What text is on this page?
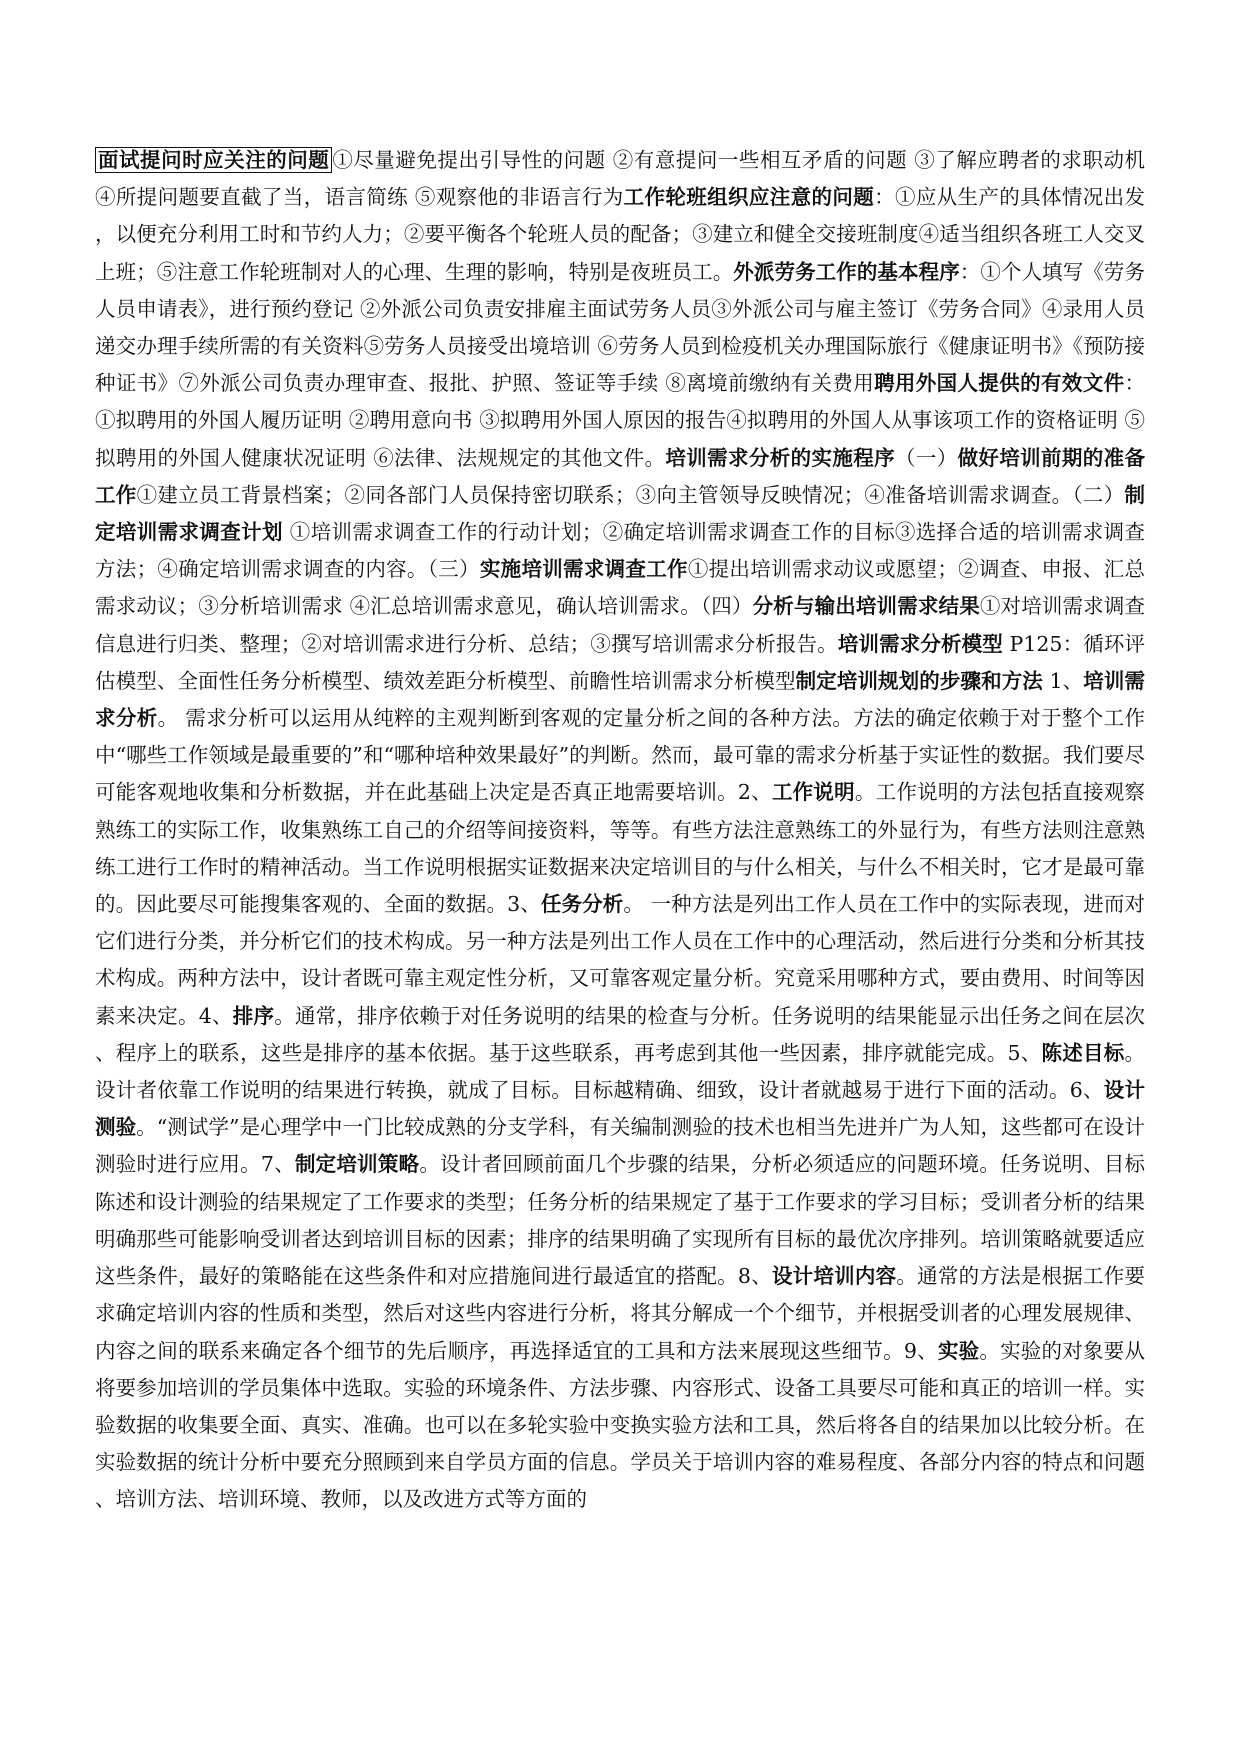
面试提问时应关注的问题 ①尽量避免提出引导性的问题 ②有意提问一些相互矛盾的问题 ③了解应聘者的求职动机 ④所提问题要直截了当，语言简练 ⑤观察他的非语言行为工作轮班组织应注意的问题：①应从生产的具体情况出发，以便充分利用工时和节约人力；②要平衡各个轮班人员的配备；③建立和健全交接班制度④适当组织各班工人交叉上班；⑤注意工作轮班制对人的心理、生理的影响，特别是夜班员工。外派劳务工作的基本程序：①个人填写《劳务人员申请表》，进行预约登记 ②外派公司负责安排雇主面试劳务人员③外派公司与雇主签订《劳务合同》④录用人员递交办理手续所需的有关资料⑤劳务人员接受出境培训 ⑥劳务人员到检疫机关办理国际旅行《健康证明书》《预防接种证书》⑦外派公司负责办理审查、报批、护照、签证等手续 ⑧离境前缴纳有关费用聘用外国人提供的有效文件：①拟聘用的外国人履历证明 ②聘用意向书 ③拟聘用外国人原因的报告④拟聘用的外国人从事该项工作的资格证明 ⑤拟聘用的外国人健康状况证明 ⑥法律、法规规定的其他文件。培训需求分析的实施程序（一）做好培训前期的准备工作①建立员工背景档案；②同各部门人员保持密切联系；③向主管领导反映情况；④准备培训需求调查。（二）制定培训需求调查计划 ①培训需求调查工作的行动计划；②确定培训需求调查工作的目标③选择合适的培训需求调查方法；④确定培训需求调查的内容。（三）实施培训需求调查工作①提出培训需求动议或愿望；②调查、申报、汇总需求动议；③分析培训需求 ④汇总培训需求意见，确认培训需求。（四）分析与输出培训需求结果①对培训需求调查信息进行归类、整理；②对培训需求进行分析、总结；③撰写培训需求分析报告。培训需求分析模型 P125：循环评估模型、全面性任务分析模型、绩效差距分析模型、前瞻性培训需求分析模型制定培训规划的步骤和方法 1、培训需求分析。 需求分析可以运用从纯粹的主观判断到客观的定量分析之间的各种方法。方法的确定依赖于对于整个工作中“哪些工作领域是最重要的”和“哪种培种效果最好”的判断。然而，最可靠的需求分析基于实证性的数据。我们要尽可能客观地收集和分析数据，并在此基础上决定是否真正地需要培训。2、工作说明。工作说明的方法包括直接观察熟练工的实际工作，收集熟练工自己的介绍等间接资料，等等。有些方法注意熟练工的外显行为，有些方法则注意熟练工进行工作时的精神活动。当工作说明根据实证数据来决定培训目的与什么相关，与什么不相关时，它才是最可靠的。因此要尽可能搜集客观的、全面的数据。3、任务分析。 一种方法是列出工作人员在工作中的实际表现，进而对它们进行分类，并分析它们的技术构成。另一种方法是列出工作人员在工作中的心理活动，然后进行分类和分析其技术构成。两种方法中，设计者既可靠主观定性分析，又可靠客观定量分析。究竟采用哪种方式，要由费用、时间等因素来决定。4、排序。通常，排序依赖于对任务说明的结果的检查与分析。任务说明的结果能显示出任务之间在层次、程序上的联系，这些是排序的基本依据。基于这些联系，再考虑到其他一些因素，排序就能完成。5、陈述目标。设计者依靠工作说明的结果进行转换，就成了目标。目标越精确、细致，设计者就越易于进行下面的活动。6、设计测验。“测试学”是心理学中一门比较成熟的分支学科，有关编制测验的技术也相当先进并广为人知，这些都可在设计测验时进行应用。7、制定培训策略。设计者回顾前面几个步骤的结果，分析必须适应的问题环境。任务说明、目标陈述和设计测验的结果规定了工作要求的类型；任务分析的结果规定了基于工作要求的学习目标；受训者分析的结果明确那些可能影响受训者达到培训目标的因素；排序的结果明确了实现所有目标的最优次序排列。培训策略就要适应这些条件，最好的策略能在这些条件和对应措施间进行最适宜的搭配。8、设计培训内容。通常的方法是根据工作要求确定培训内容的性质和类型，然后对这些内容进行分析，将其分解成一个个细节，并根据受训者的心理发展规律、内容之间的联系来确定各个细节的先后顺序，再选择适宜的工具和方法来展现这些细节。9、实验。实验的对象要从将要参加培训的学员集体中选取。实验的环境条件、方法步骤、内容形式、设备工具要尽可能和真正的培训一样。实验数据的收集要全面、真实、准确。也可以在多轮实验中变换实验方法和工具，然后将各自的结果加以比较分析。在实验数据的统计分析中要充分照顾到来自学员方面的信息。学员关于培训内容的难易程度、各部分内容的特点和问题、培训方法、培训环境、教师，以及改进方式等方面的
